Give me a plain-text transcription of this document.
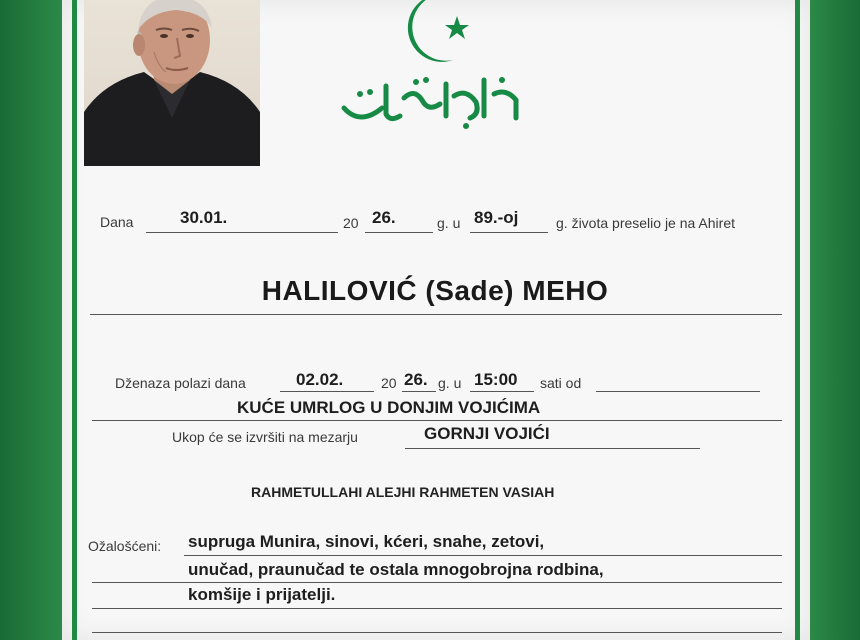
ارتحال ذا ربقا
Dana	30.01.	20 26.	g. u 89.-oj	g. života preselio je na Ahiret
HALILOVIĆ (Sade) MEHO
Dženaza polazi dana	02.02.	20 26. g. u 15:00 sati od
KUĆE UMRLOG U DONJIM VOJIĆIMA
Ukop će se izvršiti na mezarju	GORNJI VOJIĆI
RAHMETULLAHI ALEJHI RAHMETEN VASIAH
Ožalošćeni: supruga Munira, sinovi, kćeri, snahe, zetovi,
unučad, praunučad te ostala mnogobrojna rodbina,
komšije i prijatelji.
